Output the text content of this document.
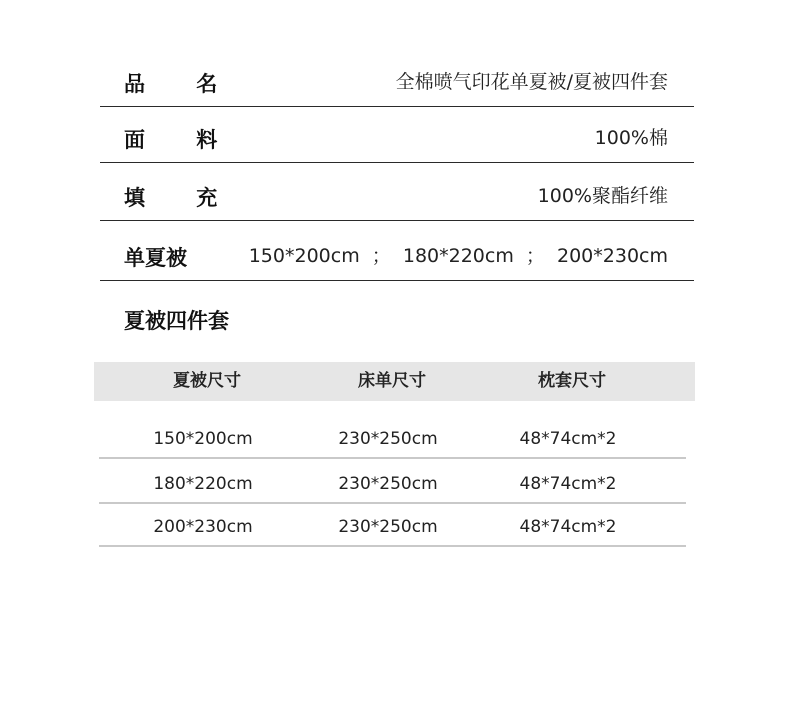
品 名	全棉喷气印花单夏被/夏被四件套
面 料	100%棉
填 充	100%聚酯纤维
单夏被	150*200cm  ；  180*220cm  ；  200*230cm
夏被四件套
夏被尺寸	床单尺寸	枕套尺寸
150*200cm	230*250cm	48*74cm*2
180*220cm	230*250cm	48*74cm*2
200*230cm	230*250cm	48*74cm*2
